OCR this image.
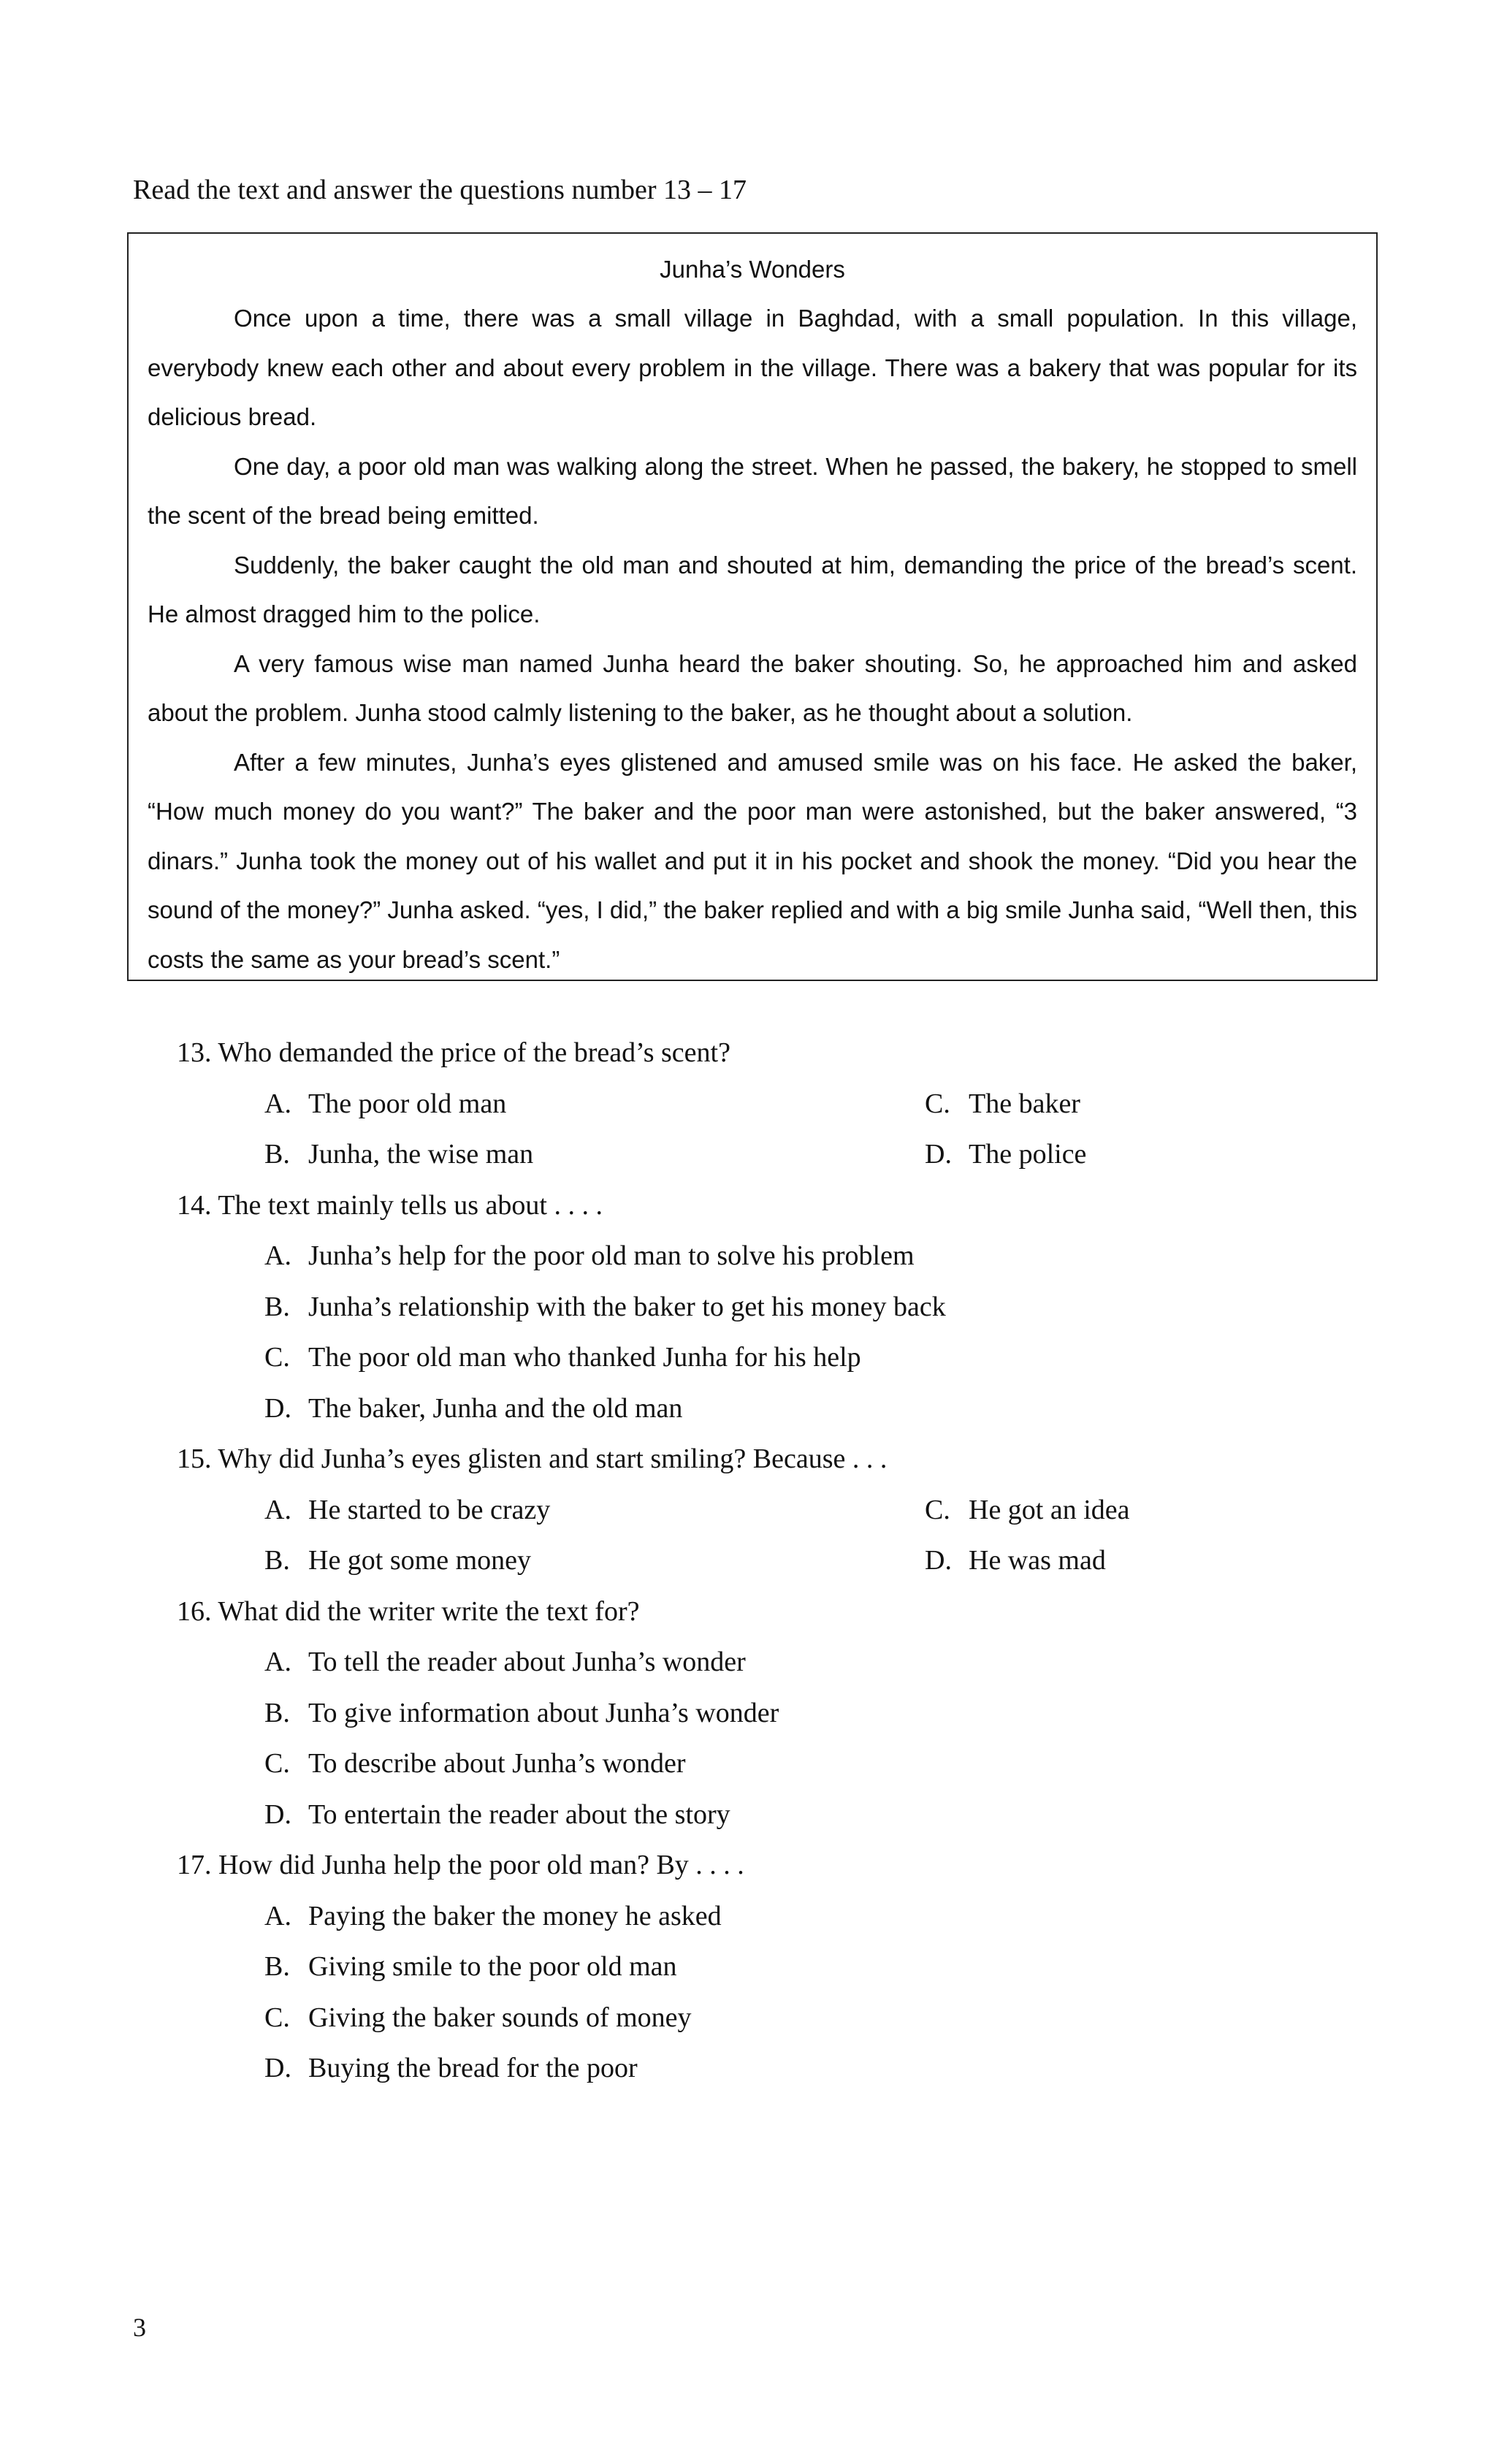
Read the text and answer the questions number 13 – 17
Junha’s Wonders

Once upon a time, there was a small village in Baghdad, with a small population. In this village, everybody knew each other and about every problem in the village. There was a bakery that was popular for its delicious bread.

One day, a poor old man was walking along the street. When he passed, the bakery, he stopped to smell the scent of the bread being emitted.

Suddenly, the baker caught the old man and shouted at him, demanding the price of the bread’s scent. He almost dragged him to the police.

A very famous wise man named Junha heard the baker shouting. So, he approached him and asked about the problem. Junha stood calmly listening to the baker, as he thought about a solution.

After a few minutes, Junha’s eyes glistened and amused smile was on his face. He asked the baker, “How much money do you want?” The baker and the poor man were astonished, but the baker answered, “3 dinars.” Junha took the money out of his wallet and put it in his pocket and shook the money. “Did you hear the sound of the money?” Junha asked. “yes, I did,” the baker replied and with a big smile Junha said, “Well then, this costs the same as your bread’s scent.”

13. Who demanded the price of the bread’s scent?
A. The poor old man	C. The baker
B. Junha, the wise man	D. The police
14. The text mainly tells us about . . . .
A. Junha’s help for the poor old man to solve his problem
B. Junha’s relationship with the baker to get his money back
C. The poor old man who thanked Junha for his help
D. The baker, Junha and the old man
15. Why did Junha’s eyes glisten and start smiling? Because . . .
A. He started to be crazy	C. He got an idea
B. He got some money	D. He was mad
16. What did the writer write the text for?
A. To tell the reader about Junha’s wonder
B. To give information about Junha’s wonder
C. To describe about Junha’s wonder
D. To entertain the reader about the story
17. How did Junha help the poor old man? By . . . .
A. Paying the baker the money he asked
B. Giving smile to the poor old man
C. Giving the baker sounds of money
D. Buying the bread for the poor
3
